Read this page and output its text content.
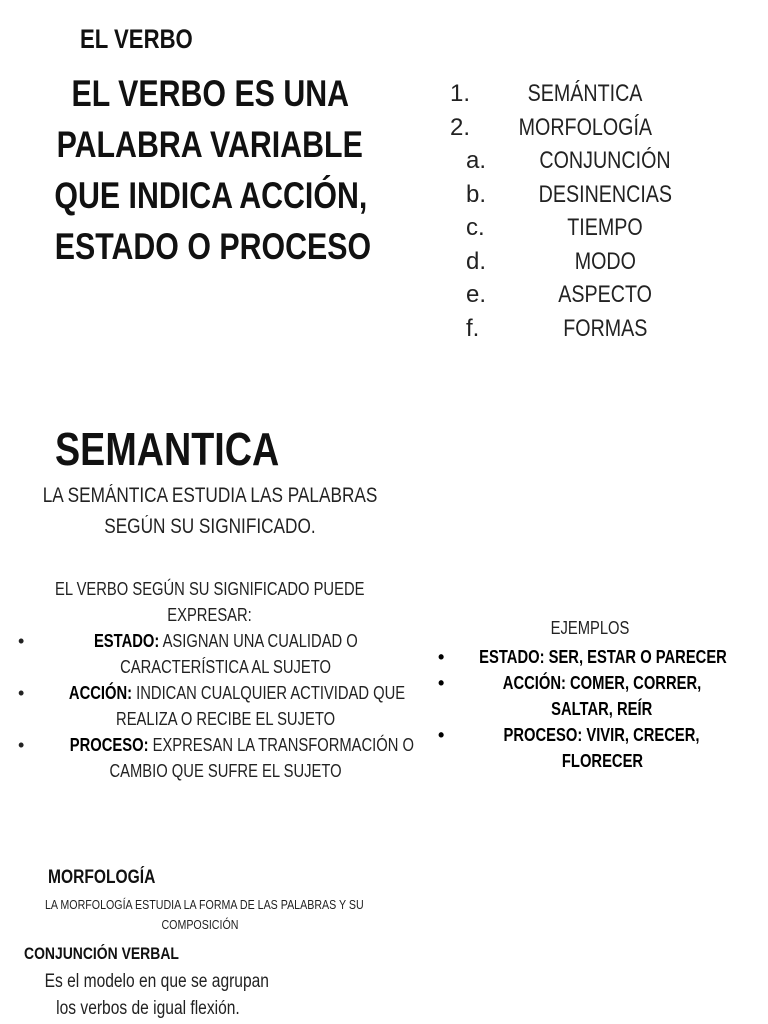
EL VERBO
EL VERBO ES UNA
PALABRA VARIABLE
QUE INDICA ACCIÓN,
ESTADO O PROCESO
1.	SEMÁNTICA
2.	MORFOLOGÍA
a.	CONJUNCIÓN
b.	DESINENCIAS
c.	TIEMPO
d.	MODO
e.	ASPECTO
f.	FORMAS
SEMANTICA
LA SEMÁNTICA ESTUDIA LAS PALABRAS
SEGÚN SU SIGNIFICADO.
EL VERBO SEGÚN SU SIGNIFICADO PUEDE
EXPRESAR:
•	ESTADO: ASIGNAN UNA CUALIDAD O
CARACTERÍSTICA AL SUJETO
•	ACCIÓN: INDICAN CUALQUIER ACTIVIDAD QUE
REALIZA O RECIBE EL SUJETO
•	PROCESO: EXPRESAN LA TRANSFORMACIÓN O
CAMBIO QUE SUFRE EL SUJETO
EJEMPLOS
•	ESTADO: SER, ESTAR O PARECER
•	ACCIÓN: COMER, CORRER,
SALTAR, REÍR
•	PROCESO: VIVIR, CRECER,
FLORECER
MORFOLOGÍA
LA MORFOLOGÍA ESTUDIA LA FORMA DE LAS PALABRAS Y SU
COMPOSICIÓN
CONJUNCIÓN VERBAL
Es el modelo en que se agrupan
los verbos de igual flexión.
